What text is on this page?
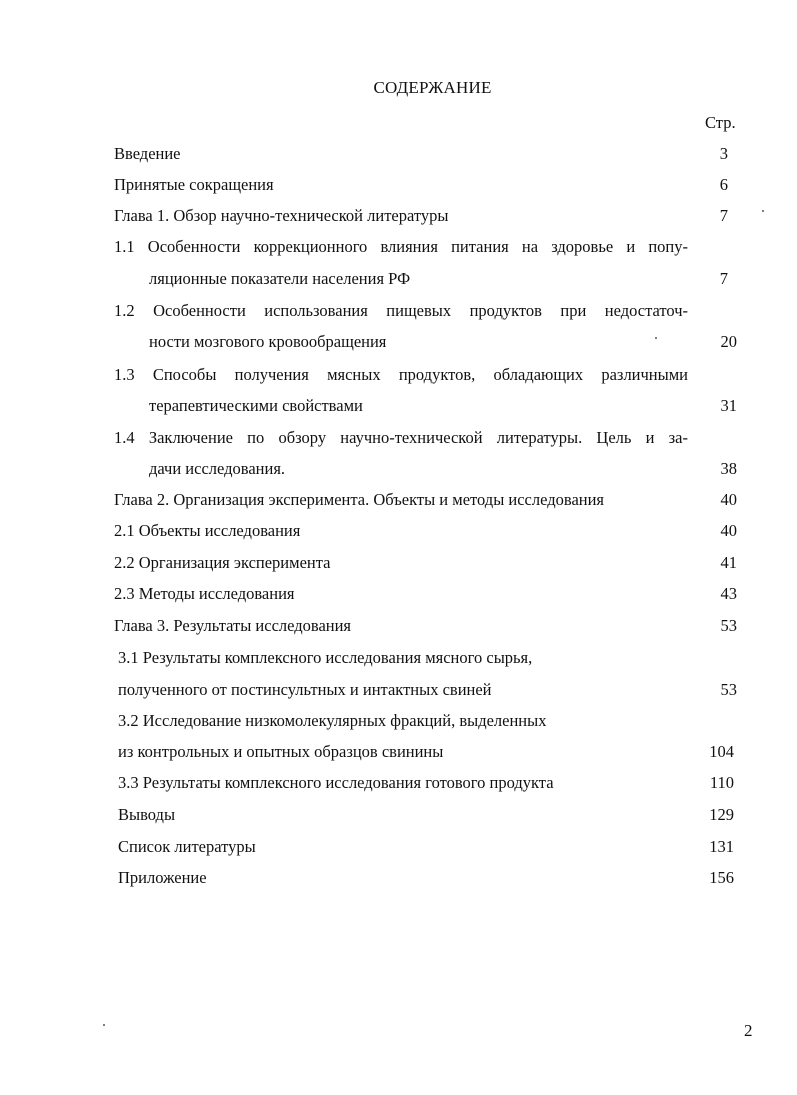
СОДЕРЖАНИЕ
Стр.
Введение	3
Принятые сокращения	6
Глава 1. Обзор научно-технической литературы	7
1.1 Особенности коррекционного влияния питания на здоровье и попу-
ляционные показатели населения РФ	7
1.2 Особенности использования пищевых продуктов при недостаточ-
ности мозгового кровообращения	20
1.3 Способы получения мясных продуктов, обладающих различными
терапевтическими свойствами	31
1.4 Заключение по обзору научно-технической литературы. Цель и за-
дачи исследования.	38
Глава 2. Организация эксперимента. Объекты и методы исследования	40
2.1 Объекты исследования	40
2.2 Организация эксперимента	41
2.3 Методы исследования	43
Глава 3. Результаты исследования	53
3.1 Результаты комплексного исследования мясного сырья,
полученного от постинсультных и интактных свиней	53
3.2 Исследование низкомолекулярных фракций, выделенных
из контрольных и опытных образцов свинины	104
3.3 Результаты комплексного исследования готового продукта	110
Выводы	129
Список литературы	131
Приложение	156
2
